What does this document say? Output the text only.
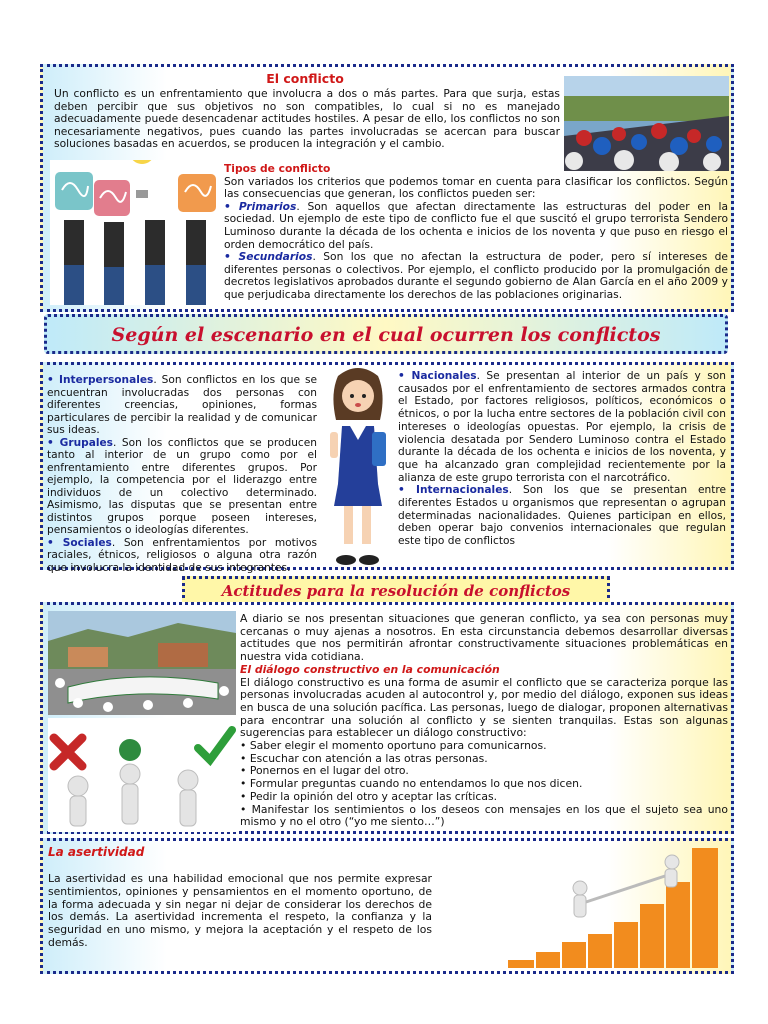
El conflicto
Un conflicto es un enfrentamiento que involucra a dos o más partes. Para que surja, estas deben percibir que sus objetivos no son compatibles, lo cual si no es manejado adecuadamente puede desencadenar actitudes hostiles. A pesar de ello, los conflictos no son necesariamente negativos, pues cuando las partes involucradas se acercan para buscar soluciones basadas en acuerdos, se producen la integración y el cambio.

Tipos de conflicto

Son variados los criterios que podemos tomar en cuenta para clasificar los conflictos. Según las consecuencias que generan, los conflictos pueden ser:

• Primarios. Son aquellos que afectan directamente las estructuras del poder en la sociedad. Un ejemplo de este tipo de conflicto fue el que suscitó el grupo terrorista Sendero Luminoso durante la década de los ochenta e inicios de los noventa y que puso en riesgo el orden democrático del país.

• Secundarios. Son los que no afectan la estructura de poder, pero sí intereses de diferentes personas o colectivos. Por ejemplo, el conflicto producido por la promulgación de decretos legislativos aprobados durante el segundo gobierno de Alan García en el año 2009 y que perjudicaba directamente los derechos de las poblaciones originarias.

Según el escenario en el cual ocurren los conflictos

• Interpersonales. Son conflictos en los que se encuentran involucradas dos personas con diferentes creencias, opiniones, formas particulares de percibir la realidad y de comunicar sus ideas.

• Grupales. Son los conflictos que se producen tanto al interior de un grupo como por el enfrentamiento entre diferentes grupos. Por ejemplo, la competencia por el liderazgo entre individuos de un colectivo determinado. Asimismo, las disputas que se presentan entre distintos grupos porque poseen intereses, pensamientos o ideologías diferentes.

• Sociales. Son enfrentamientos por motivos raciales, étnicos, religiosos o alguna otra razón que involucra la identidad de sus integrantes.

• Nacionales. Se presentan al interior de un país y son causados por el enfrentamiento de sectores armados contra el Estado, por factores religiosos, políticos, económicos o étnicos, o por la lucha entre sectores de la población civil con intereses o ideologías opuestas. Por ejemplo, la crisis de violencia desatada por Sendero Luminoso contra el Estado durante la década de los ochenta e inicios de los noventa, y que ha alcanzado gran complejidad recientemente por la alianza de este grupo terrorista con el narcotráfico.

• Internacionales. Son los que se presentan entre diferentes Estados u organismos que representan o agrupan determinadas nacionalidades. Quienes participan en ellos, deben operar bajo convenios internacionales que regulan este tipo de conflictos

Actitudes para la resolución de conflictos

A diario se nos presentan situaciones que generan conflicto, ya sea con personas muy cercanas o muy ajenas a nosotros. En esta circunstancia debemos desarrollar diversas actitudes que nos permitirán afrontar constructivamente situaciones problemáticas en nuestra vida cotidiana.

El diálogo constructivo en la comunicación

El diálogo constructivo es una forma de asumir el conflicto que se caracteriza porque las personas involucradas acuden al autocontrol y, por medio del diálogo, exponen sus ideas en busca de una solución pacífica. Las personas, luego de dialogar, proponen alternativas para encontrar una solución al conflicto y se sienten tranquilas. Estas son algunas sugerencias para establecer un diálogo constructivo:

• Saber elegir el momento oportuno para comunicarnos.
• Escuchar con atención a las otras personas.
• Ponernos en el lugar del otro.
• Formular preguntas cuando no entendamos lo que nos dicen.
• Pedir la opinión del otro y aceptar las críticas.
• Manifestar los sentimientos o los deseos con mensajes en los que el sujeto sea uno mismo y no el otro (“yo me siento…”)
La asertividad
La asertividad es una habilidad emocional que nos permite expresar sentimientos, opiniones y pensamientos en el momento oportuno, de la forma adecuada y sin negar ni dejar de considerar los derechos de los demás. La asertividad incrementa el respeto, la confianza y la seguridad en uno mismo, y mejora la aceptación y el respeto de los demás.
